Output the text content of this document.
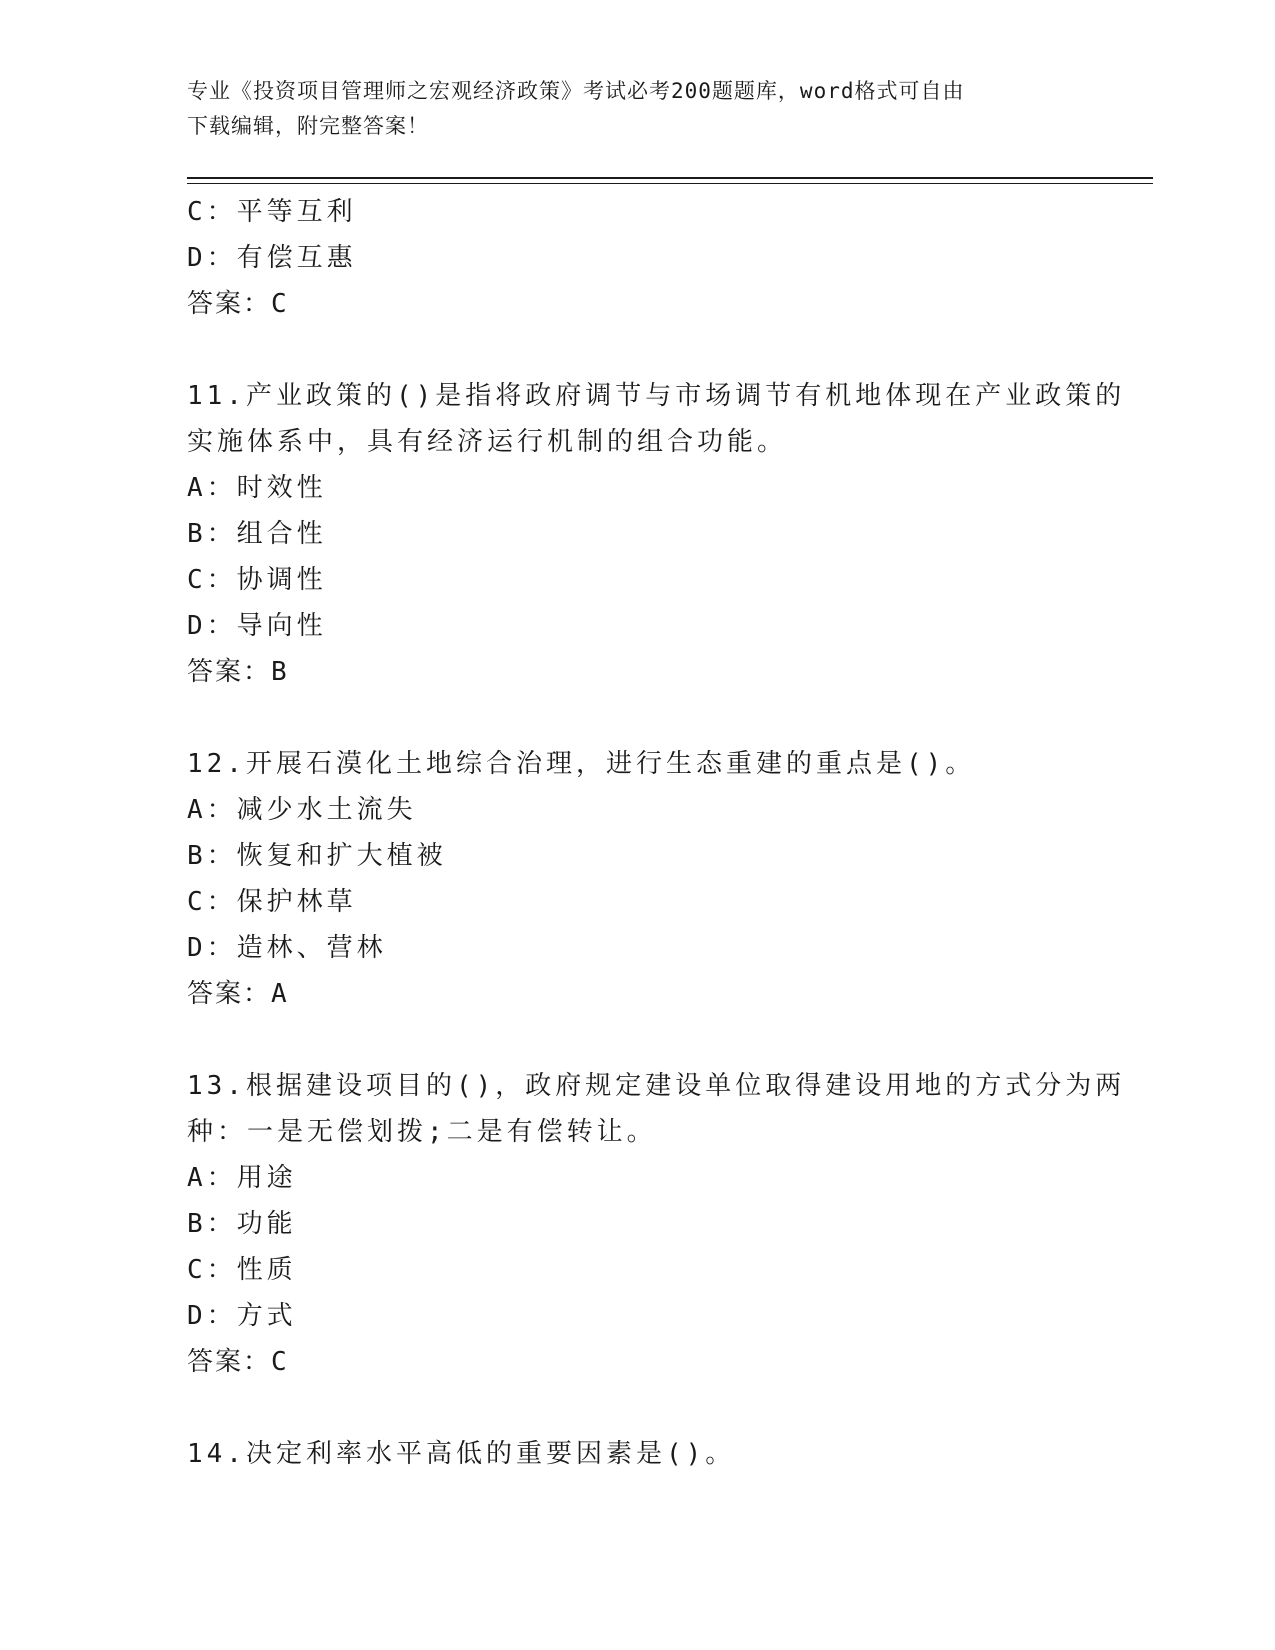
专业《投资项目管理师之宏观经济政策》考试必考200题题库，word格式可自由
下载编辑，附完整答案！
C：平等互利
D：有偿互惠
答案：C
11.产业政策的()是指将政府调节与市场调节有机地体现在产业政策的
实施体系中，具有经济运行机制的组合功能。
A：时效性
B：组合性
C：协调性
D：导向性
答案：B
12.开展石漠化土地综合治理，进行生态重建的重点是()。
A：减少水土流失
B：恢复和扩大植被
C：保护林草
D：造林、营林
答案：A
13.根据建设项目的()，政府规定建设单位取得建设用地的方式分为两
种：一是无偿划拨;二是有偿转让。
A：用途
B：功能
C：性质
D：方式
答案：C
14.决定利率水平高低的重要因素是()。
